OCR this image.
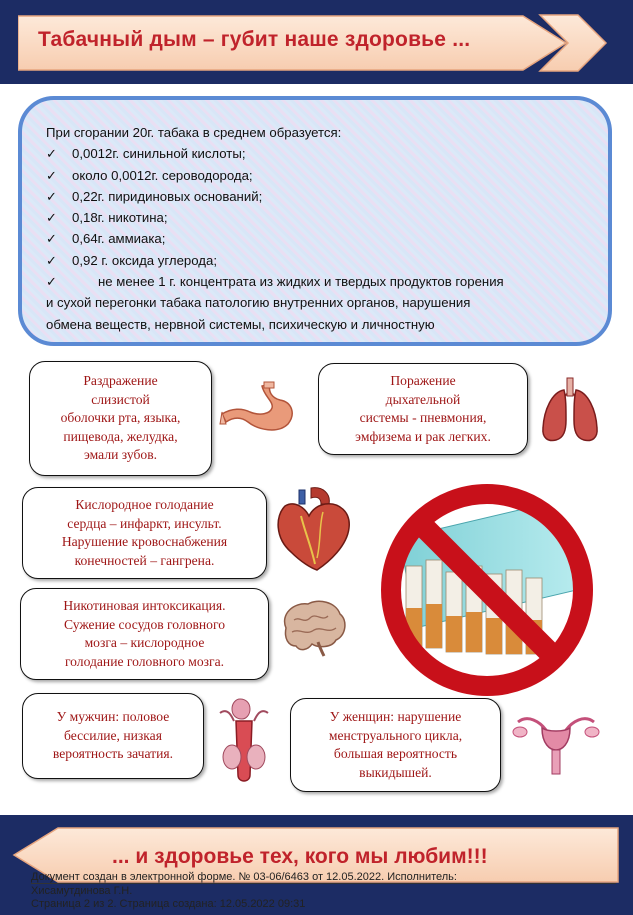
Табачный дым – губит наше здоровье ...
При сгорании 20г. табака в среднем образуется:
✓ 0,0012г. синильной кислоты;
✓ около 0,0012г. сероводорода;
✓ 0,22г. пиридиновых оснований;
✓ 0,18г. никотина;
✓ 0,64г. аммиака;
✓ 0,92 г. оксида углерода;
✓	не менее 1 г. концентрата из жидких и твердых продуктов горения
и сухой перегонки табака патологию внутренних органов, нарушения
обмена веществ, нервной системы, психическую и личностную
Раздражение
слизистой
оболочки рта, языка,
пищевода, желудка,
эмали зубов.
Поражение
дыхательной
системы - пневмония,
эмфизема и рак легких.
Кислородное голодание
сердца – инфаркт, инсульт.
Нарушение кровоснабжения
конечностей – гангрена.
Никотиновая интоксикация.
Сужение сосудов головного
мозга – кислородное
голодание головного мозга.
У мужчин: половое
бессилие, низкая
вероятность зачатия.
У женщин: нарушение
менструального цикла,
большая вероятность
выкидышей.
... и здоровье тех, кого мы любим!!!
Документ создан в электронной форме. № 03-06/6463 от 12.05.2022. Исполнитель:
Хисамутдинова Г.Н.
Страница 2 из 2. Страница создана: 12.05.2022 09:31
